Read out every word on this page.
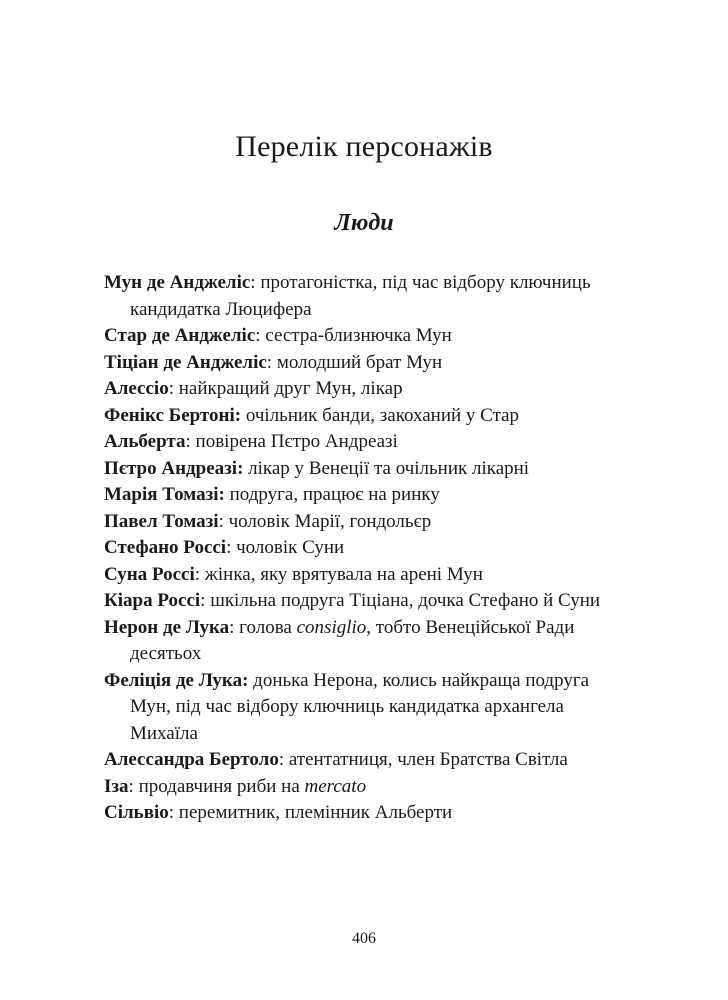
Перелік персонажів
Люди

Мун де Анджеліс: протагоністка, під час відбору ключниць кандидатка Люцифера

Стар де Анджеліс: сестра-близнючка Мун

Тіціан де Анджеліс: молодший брат Мун

Алессіо: найкращий друг Мун, лікар

Фенікс Бертоні: очільник банди, закоханий у Стар

Альберта: повірена Пєтро Андреазі

Пєтро Андреазі: лікар у Венеції та очільник лікарні

Марія Томазі: подруга, працює на ринку

Павел Томазі: чоловік Марії, гондольєр

Стефано Россі: чоловік Суни

Суна Россі: жінка, яку врятувала на арені Мун

Кіара Россі: шкільна подруга Тіціана, дочка Стефано й Суни

Нерон де Лука: голова consiglio, тобто Венеційської Ради десятьох

Феліція де Лука: донька Нерона, колись найкраща подруга Мун, під час відбору ключниць кандидатка архангела Михаїла

Алессандра Бертоло: атентатниця, член Братства Світла

Іза: продавчиня риби на mercato

Сільвіо: перемитник, племінник Альберти

406
